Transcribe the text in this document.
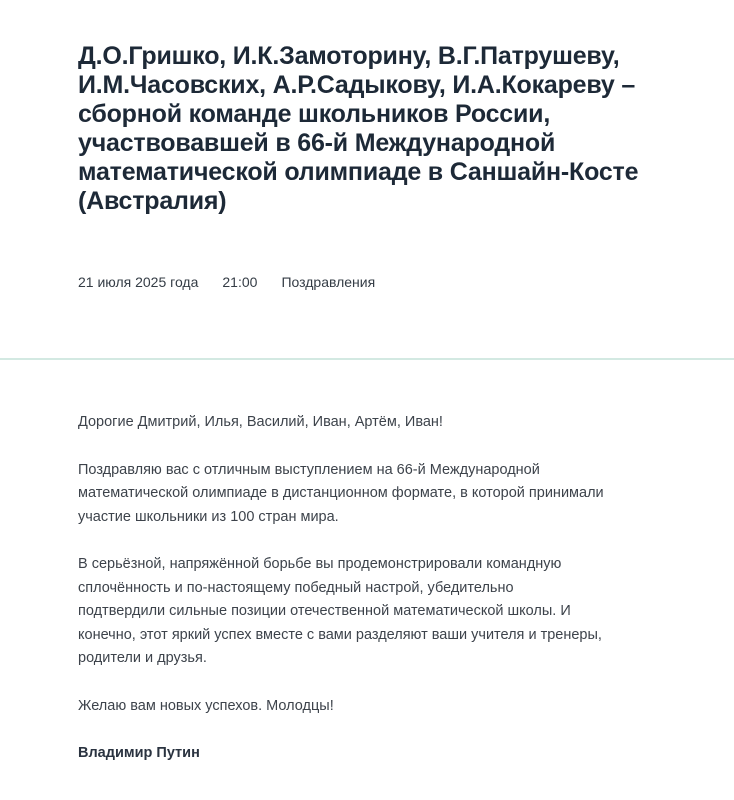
Д.О.Гришко, И.К.Замоторину, В.Г.Патрушеву, И.М.Часовских, А.Р.Садыкову, И.А.Кокареву – сборной команде школьников России, участвовавшей в 66-й Международной математической олимпиаде в Саншайн-Косте (Австралия)
21 июля 2025 года 21:00 Поздравления

Дорогие Дмитрий, Илья, Василий, Иван, Артём, Иван!

Поздравляю вас с отличным выступлением на 66-й Международной математической олимпиаде в дистанционном формате, в которой принимали участие школьники из 100 стран мира.

В серьёзной, напряжённой борьбе вы продемонстрировали командную сплочённость и по-настоящему победный настрой, убедительно подтвердили сильные позиции отечественной математической школы. И конечно, этот яркий успех вместе с вами разделяют ваши учителя и тренеры, родители и друзья.

Желаю вам новых успехов. Молодцы!

Владимир Путин
